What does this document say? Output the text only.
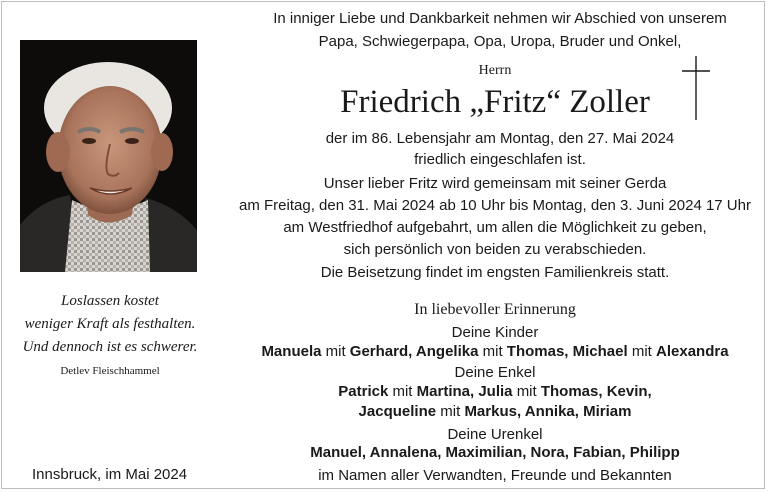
In inniger Liebe und Dankbarkeit nehmen wir Abschied von unserem
Papa, Schwiegerpapa, Opa, Uropa, Bruder und Onkel,
Herrn
Friedrich „Fritz“ Zoller
der im 86. Lebensjahr am Montag, den 27. Mai 2024
friedlich eingeschlafen ist.
Unser lieber Fritz wird gemeinsam mit seiner Gerda
am Freitag, den 31. Mai 2024 ab 10 Uhr bis Montag, den 3. Juni 2024 17 Uhr
am Westfriedhof aufgebahrt, um allen die Möglichkeit zu geben,
sich persönlich von beiden zu verabschieden.
Die Beisetzung findet im engsten Familienkreis statt.
In liebevoller Erinnerung
Deine Kinder
Manuela mit Gerhard, Angelika mit Thomas, Michael mit Alexandra
Deine Enkel
Patrick mit Martina, Julia mit Thomas, Kevin,
Jacqueline mit Markus, Annika, Miriam
Deine Urenkel
Manuel, Annalena, Maximilian, Nora, Fabian, Philipp
im Namen aller Verwandten, Freunde und Bekannten
Loslassen kostet
weniger Kraft als festhalten.
Und dennoch ist es schwerer.
Detlev Fleischhammel
Innsbruck, im Mai 2024
